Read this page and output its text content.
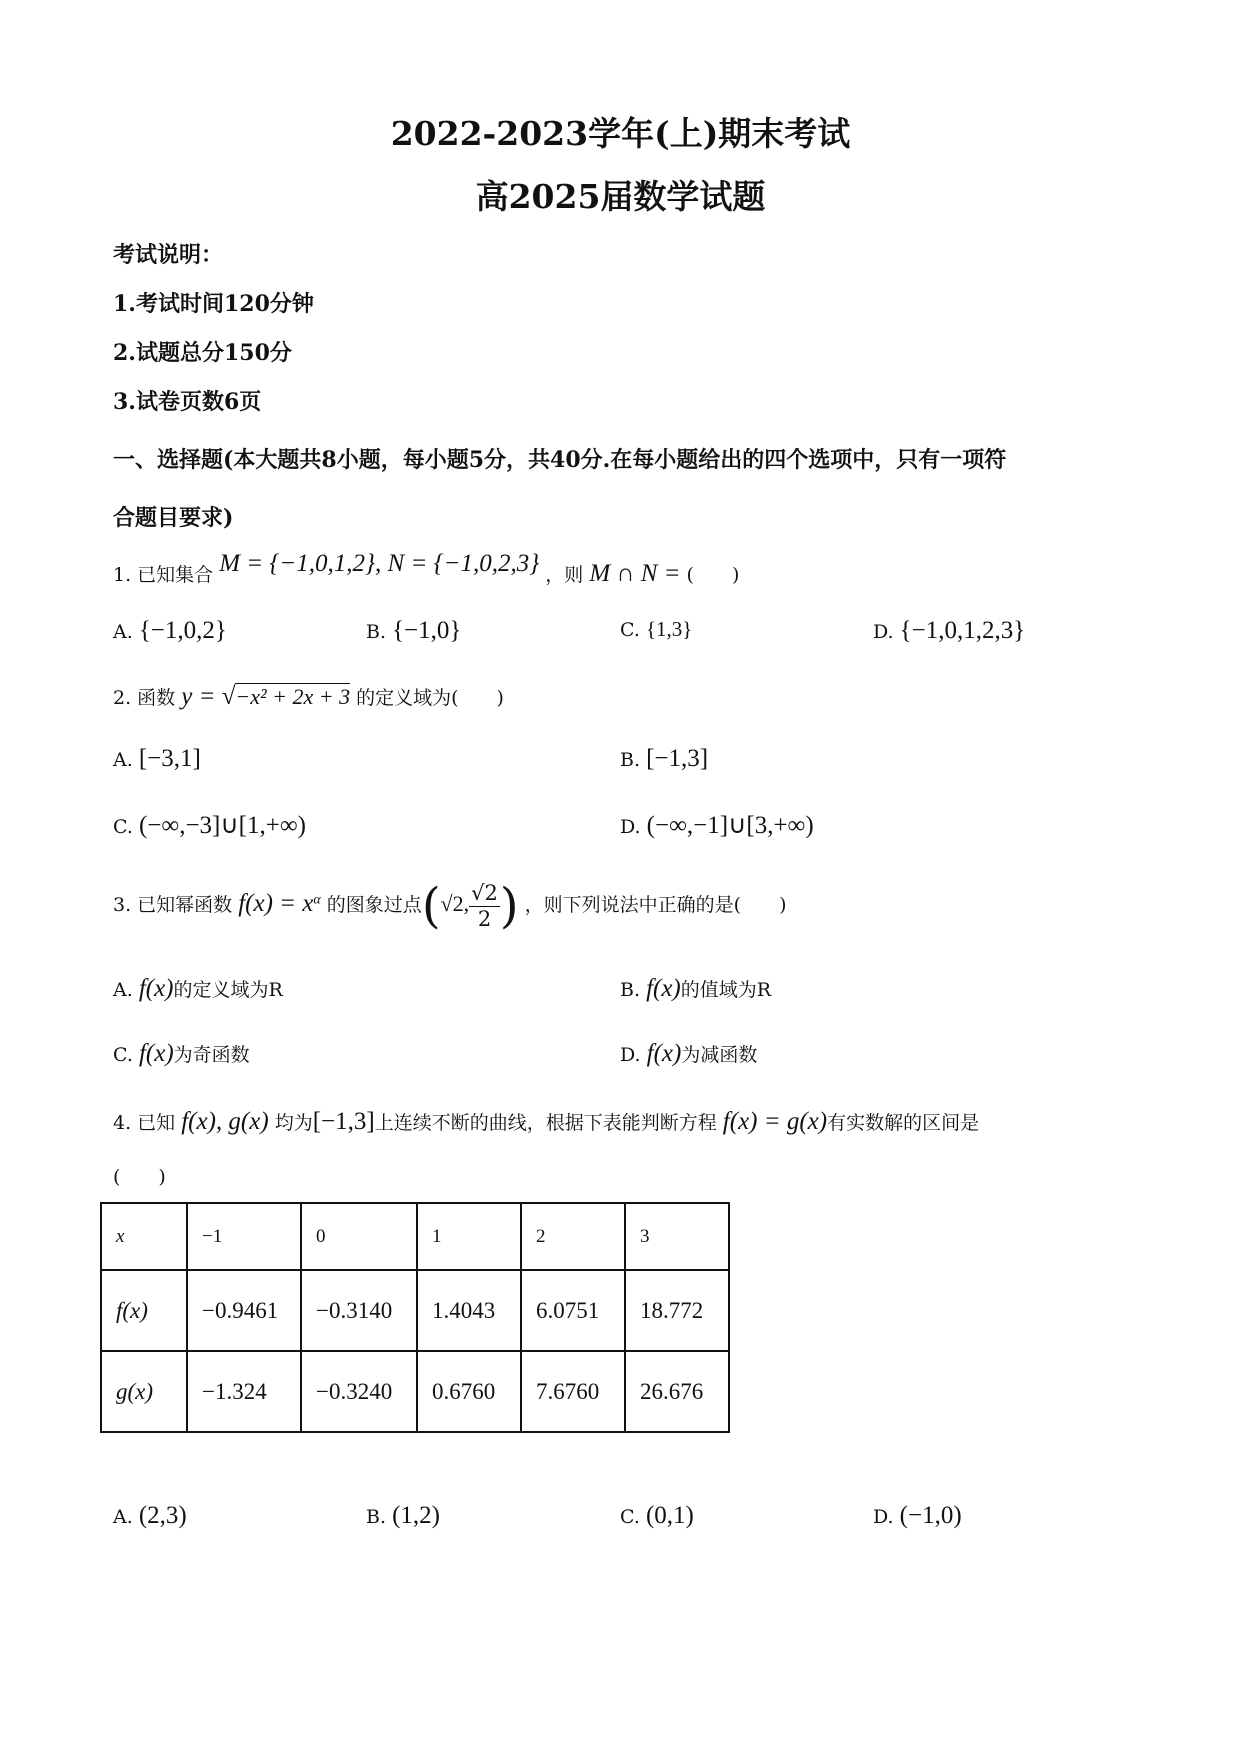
2022-2023学年(上)期末考试
高2025届数学试题
考试说明：
1.考试时间120分钟
2.试题总分150分
3.试卷页数6页
一、选择题(本大题共8小题，每小题5分，共40分.在每小题给出的四个选项中，只有一项符
合题目要求)
1. 已知集合 M = {−1,0,1,2}, N = {−1,0,2,3} ，则 M ∩ N = (　　)
A. {−1,0,2}	B. {−1,0}	C. {1,3}	D. {−1,0,1,2,3}
2. 函数 y = √−x² + 2x + 3 的定义域为(　　)
A. [−3,1]	B. [−1,3]
C. (−∞,−3]∪[1,+∞)	D. (−∞,−1]∪[3,+∞)
3. 已知幂函数 $f(x) = x^\alpha$ 的图象过点(√2, $\frac{√2}{2}$ ) ，则下列说法中正确的是(　　)
A. f(x)的定义域为R	B. f(x)的值域为R
C. f(x)为奇函数	D. f(x)为减函数
4. 已知 f(x), g(x) 均为[−1,3]上连续不断的曲线，根据下表能判断方程 f(x) = g(x)有实数解的区间是
(　　)
x	−1	0	1	2	3
f(x)	−0.9461	−0.3140	1.4043	6.0751	18.772
g(x)	−1.324	−0.3240	0.6760	7.6760	26.676
A. (2,3)	B. (1,2)	C. (0,1)	D. (−1,0)
